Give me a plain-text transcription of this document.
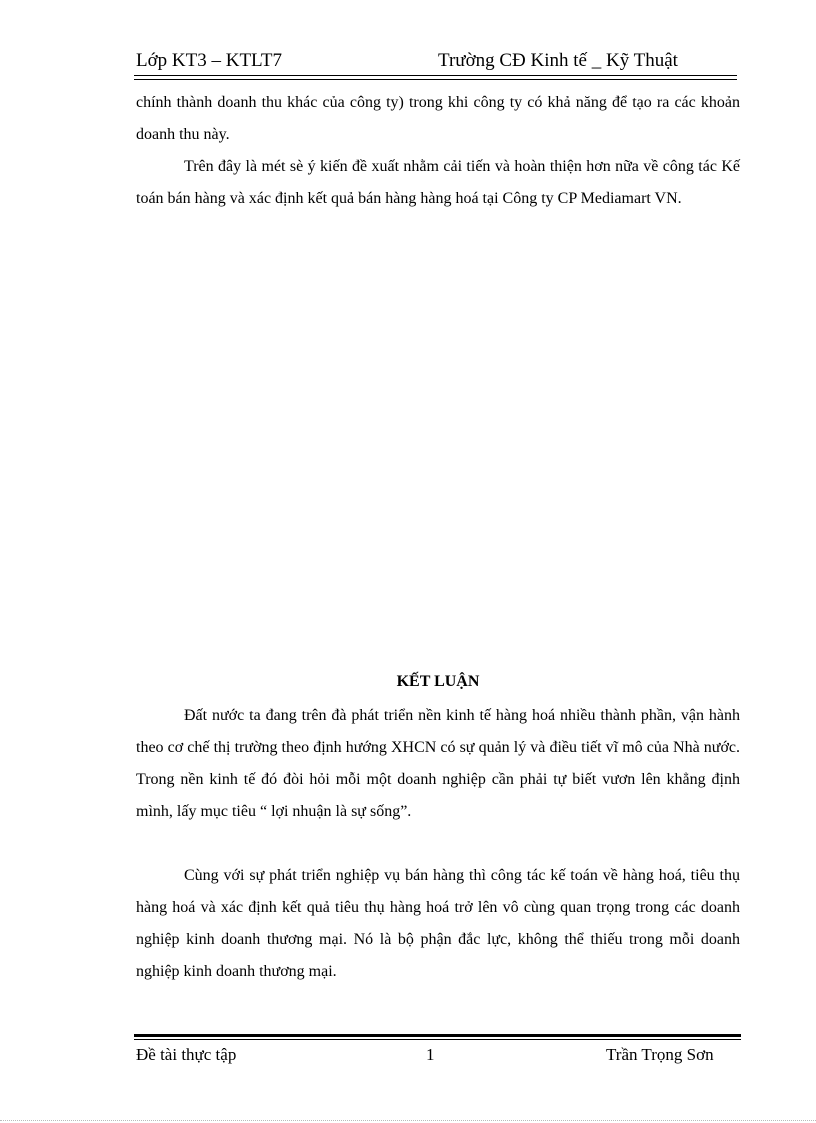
Lớp KT3 – KTLT7	Trường CĐ Kinh tế _ Kỹ Thuật

chính thành doanh thu khác của công ty) trong khi công ty có khả năng để tạo ra các khoản doanh thu này.

Trên đây là mét sè ý kiến đề xuất nhằm cải tiến và hoàn thiện hơn nữa về công tác Kế toán bán hàng và xác định kết quả bán hàng hàng hoá tại Công ty CP Mediamart VN.

KẾT LUẬN

Đất nước ta đang trên đà phát triển nền kinh tế hàng hoá nhiều thành phần, vận hành theo cơ chế thị trường theo định hướng XHCN có sự quản lý và điều tiết vĩ mô của Nhà nước. Trong nền kinh tế đó đòi hỏi mỗi một doanh nghiệp cần phải tự biết vươn lên khẳng định mình, lấy mục tiêu “ lợi nhuận là sự sống”.

Cùng với sự phát triển nghiệp vụ bán hàng thì công tác kế toán về hàng hoá, tiêu thụ hàng hoá và xác định kết quả tiêu thụ hàng hoá trở lên vô cùng quan trọng trong các doanh nghiệp kinh doanh thương mại. Nó là bộ phận đắc lực, không thể thiếu trong mỗi doanh nghiệp kinh doanh thương mại.

Đề tài thực tập	1	Trần Trọng Sơn
